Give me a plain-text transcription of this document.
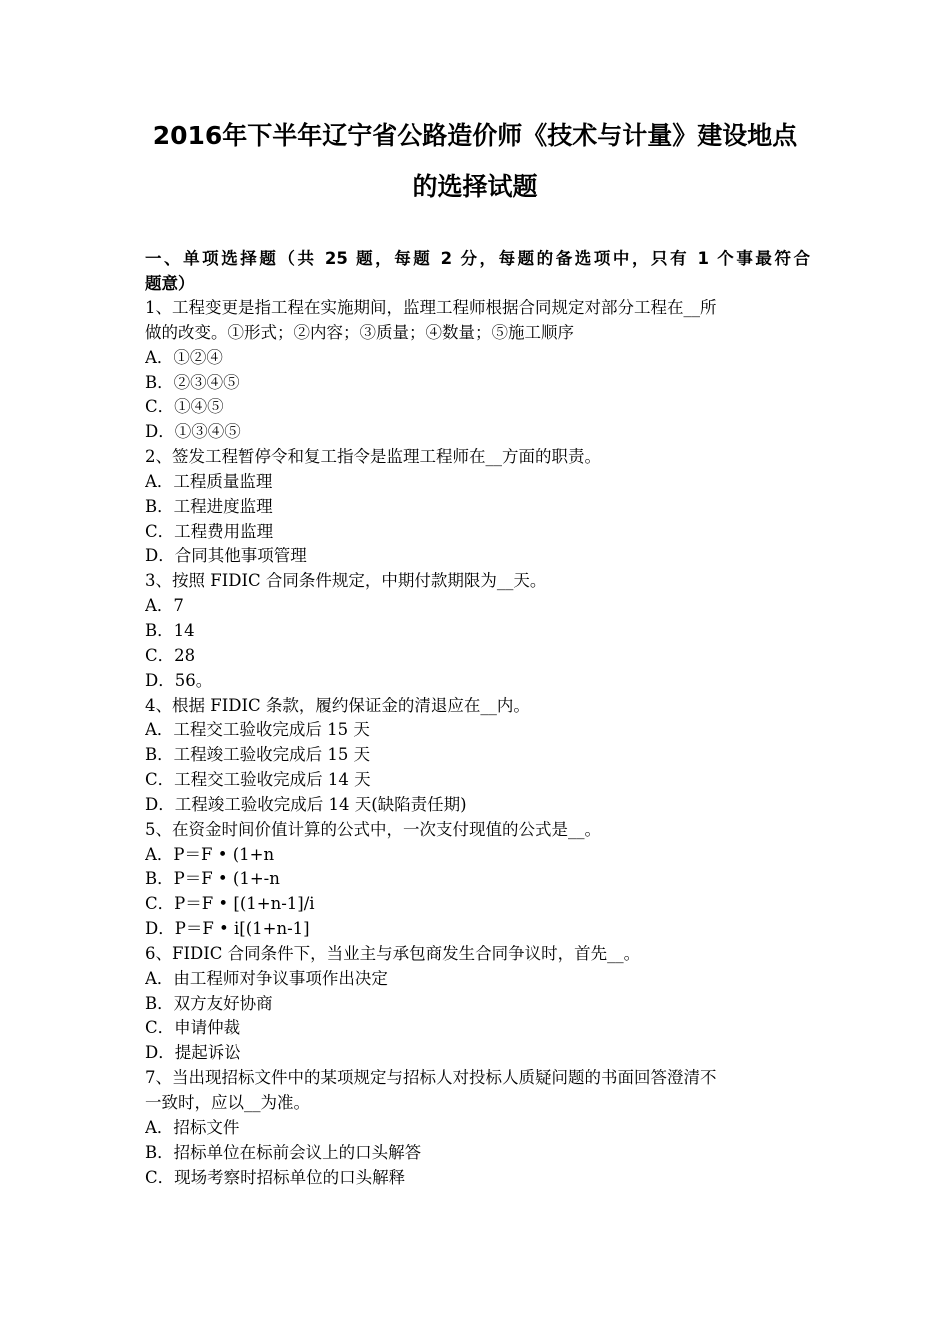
2016年下半年辽宁省公路造价师《技术与计量》建设地点
的选择试题
一、单项选择题（共 25 题，每题 2 分，每题的备选项中，只有 1 个事最符合
题意）
1、工程变更是指工程在实施期间，监理工程师根据合同规定对部分工程在__所
做的改变。①形式；②内容；③质量；④数量；⑤施工顺序
A．①②④
B．②③④⑤
C．①④⑤
D．①③④⑤
2、签发工程暂停令和复工指令是监理工程师在__方面的职责。
A．工程质量监理
B．工程进度监理
C．工程费用监理
D．合同其他事项管理
3、按照 FIDIC 合同条件规定，中期付款期限为__天。
A．7
B．14
C．28
D．56。
4、根据 FIDIC 条款，履约保证金的清退应在__内。
A．工程交工验收完成后 15 天
B．工程竣工验收完成后 15 天
C．工程交工验收完成后 14 天
D．工程竣工验收完成后 14 天(缺陷责任期)
5、在资金时间价值计算的公式中，一次支付现值的公式是__。
A．P＝F • (1+n
B．P＝F • (1+-n
C．P＝F • [(1+n-1]/i
D．P＝F • i[(1+n-1]
6、FIDIC 合同条件下，当业主与承包商发生合同争议时，首先__。
A．由工程师对争议事项作出决定
B．双方友好协商
C．申请仲裁
D．提起诉讼
7、当出现招标文件中的某项规定与招标人对投标人质疑问题的书面回答澄清不
一致时，应以__为准。
A．招标文件
B．招标单位在标前会议上的口头解答
C．现场考察时招标单位的口头解释
